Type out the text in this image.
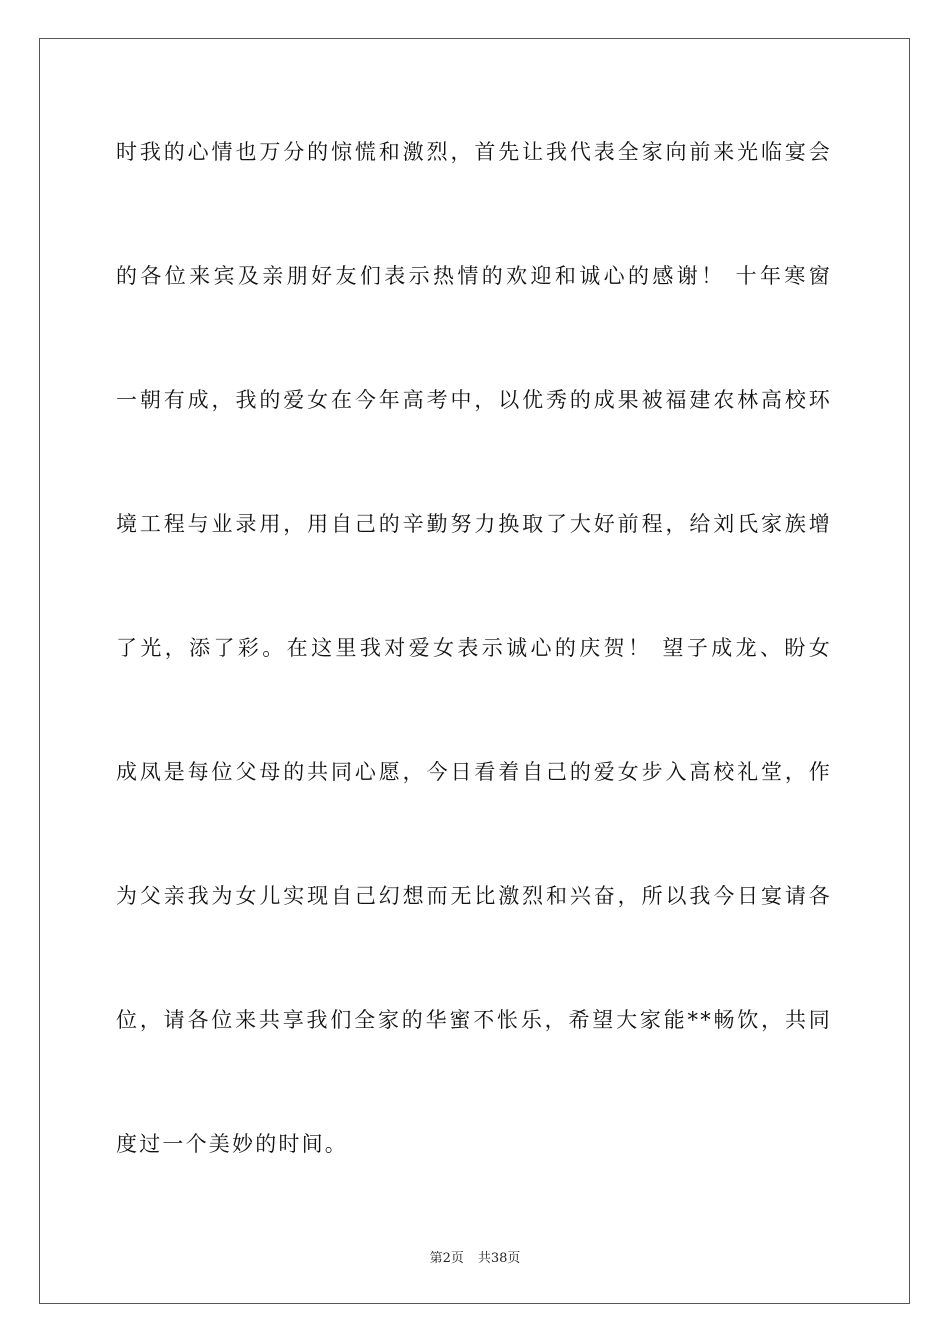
时我的心情也万分的惊慌和激烈，首先让我代表全家向前来光临宴会
的各位来宾及亲朋好友们表示热情的欢迎和诚心的感谢！ 十年寒窗
一朝有成，我的爱女在今年高考中，以优秀的成果被福建农林高校环
境工程与业录用，用自己的辛勤努力换取了大好前程，给刘氏家族增
了光，添了彩。在这里我对爱女表示诚心的庆贺！ 望子成龙、盼女
成凤是每位父母的共同心愿，今日看着自己的爱女步入高校礼堂，作
为父亲我为女儿实现自己幻想而无比激烈和兴奋，所以我今日宴请各
位，请各位来共享我们全家的华蜜不怅乐，希望大家能**畅饮，共同
度过一个美妙的时间。
第2页 共38页
